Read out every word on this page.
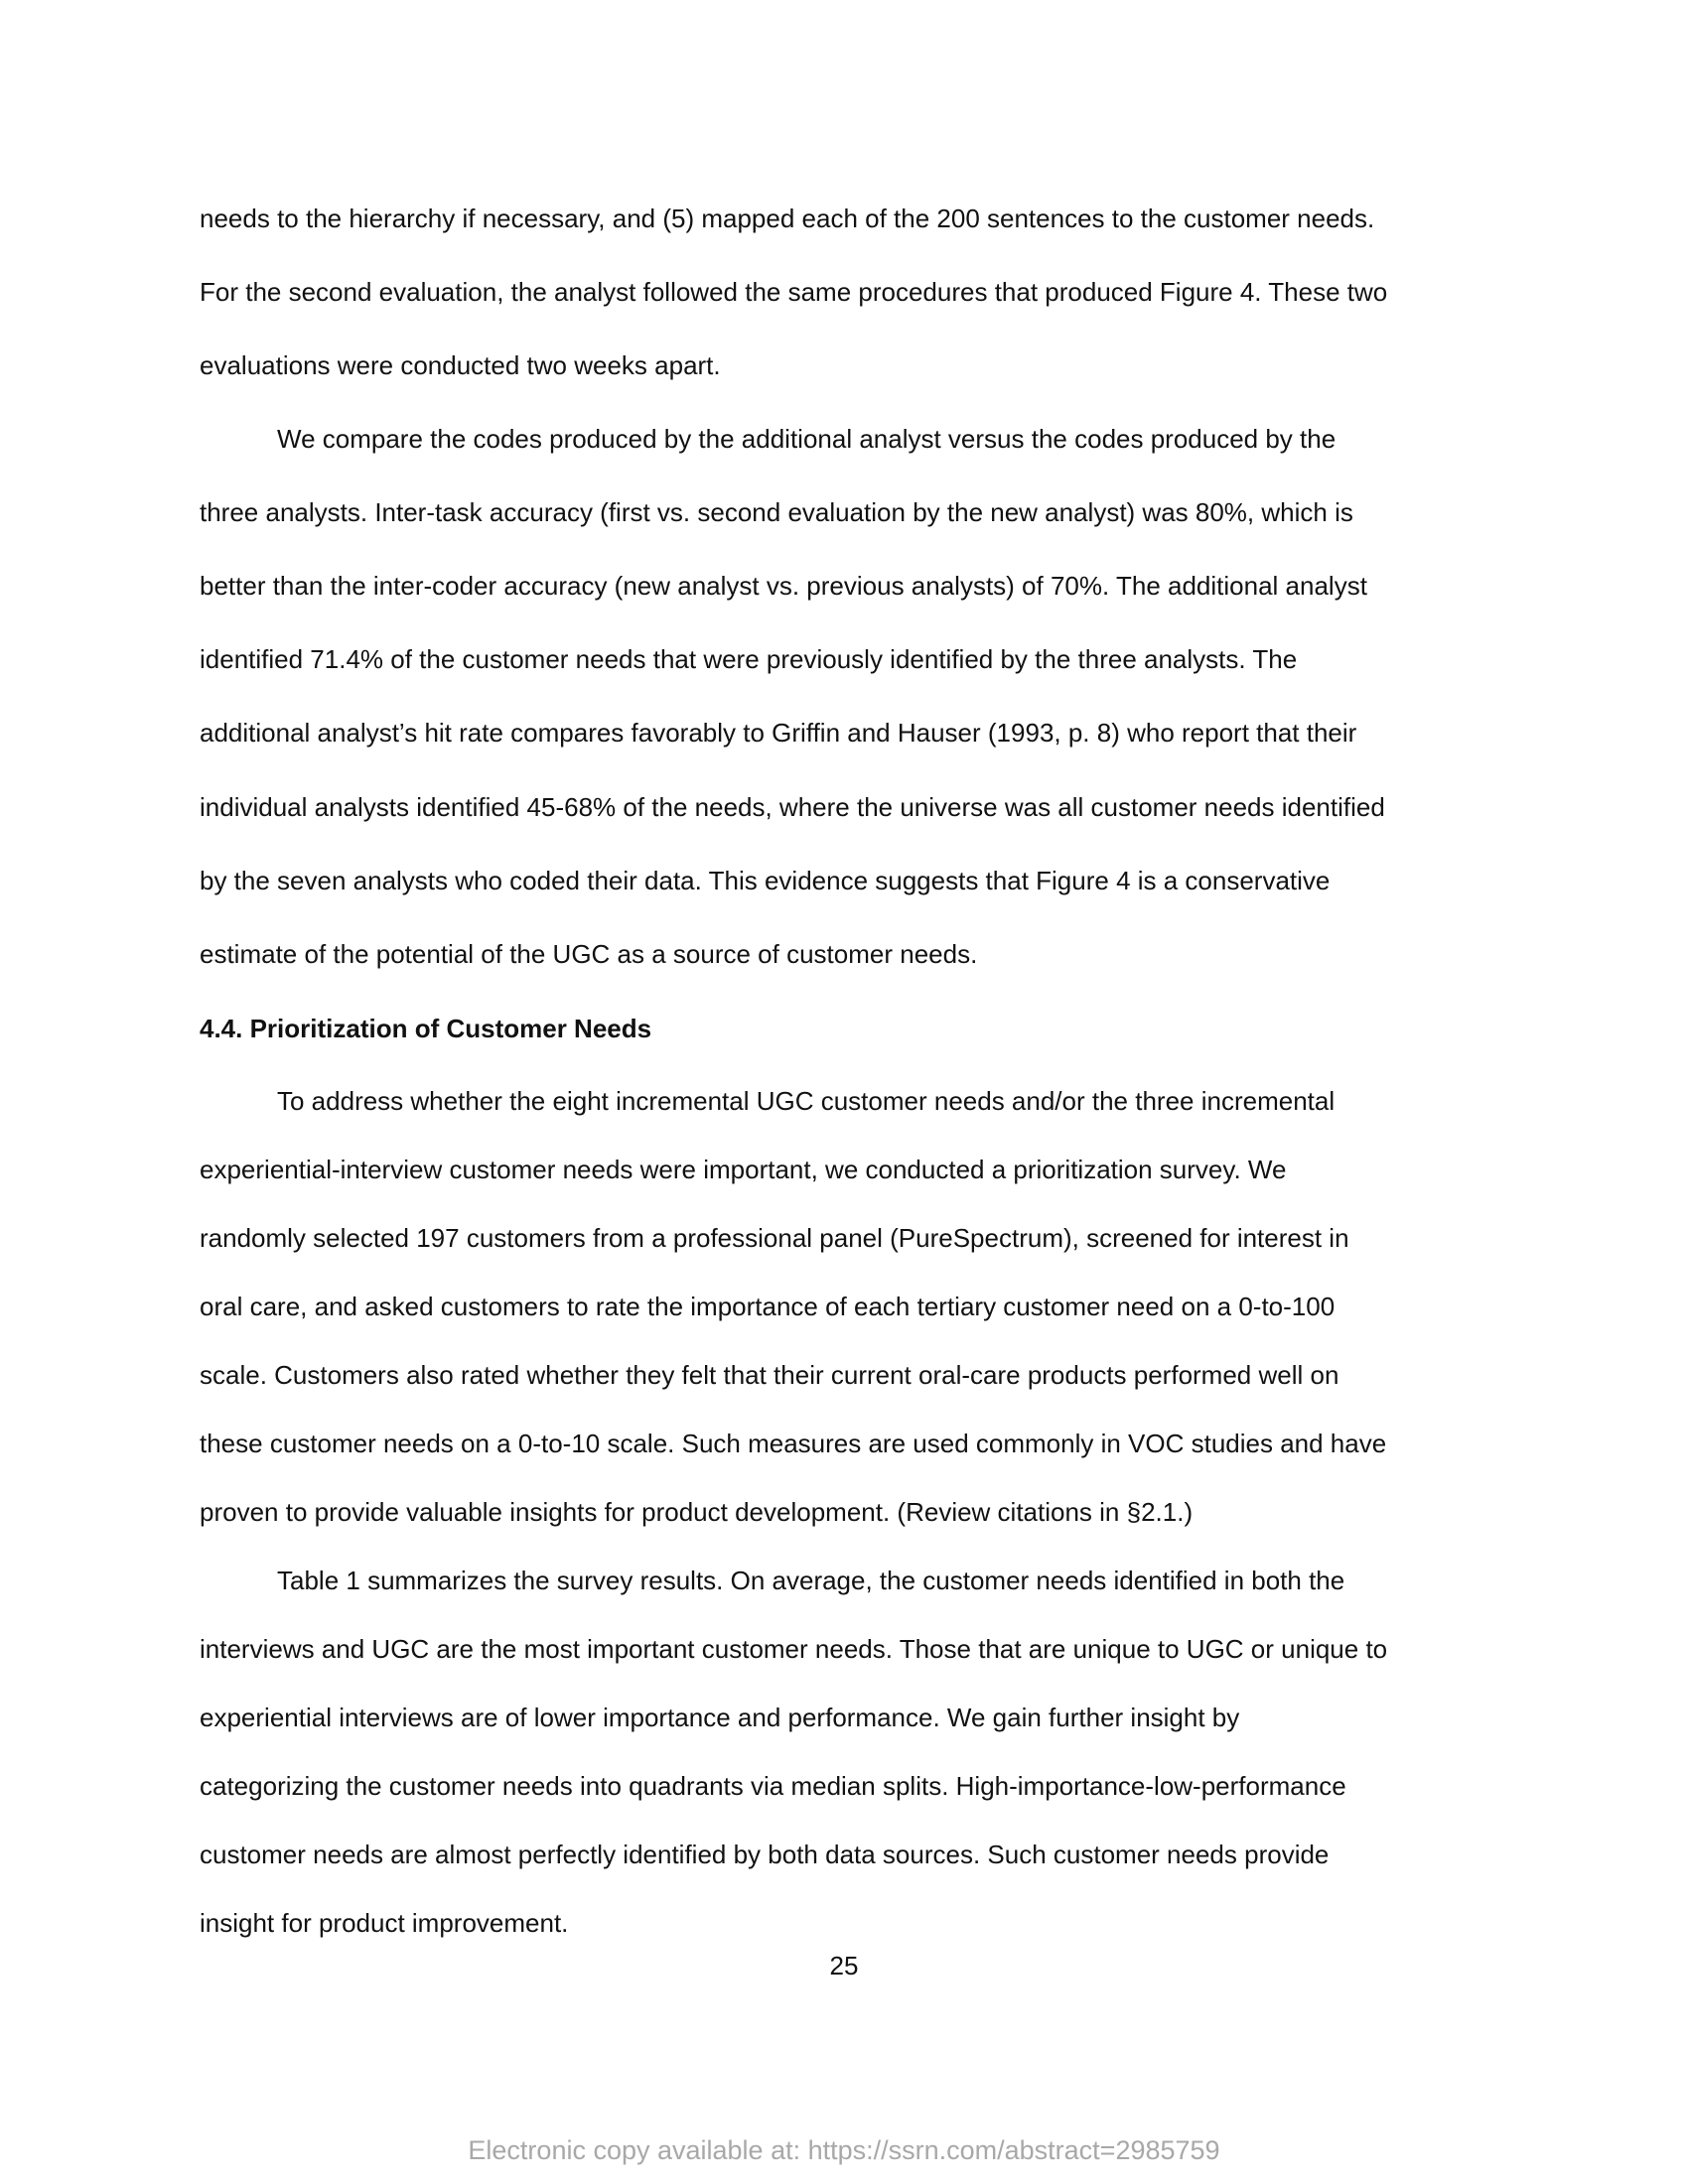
needs to the hierarchy if necessary, and (5) mapped each of the 200 sentences to the customer needs.
For the second evaluation, the analyst followed the same procedures that produced Figure 4. These two
evaluations were conducted two weeks apart.
We compare the codes produced by the additional analyst versus the codes produced by the
three analysts. Inter-task accuracy (first vs. second evaluation by the new analyst) was 80%, which is
better than the inter-coder accuracy (new analyst vs. previous analysts) of 70%. The additional analyst
identified 71.4% of the customer needs that were previously identified by the three analysts. The
additional analyst’s hit rate compares favorably to Griffin and Hauser (1993, p. 8) who report that their
individual analysts identified 45-68% of the needs, where the universe was all customer needs identified
by the seven analysts who coded their data. This evidence suggests that Figure 4 is a conservative
estimate of the potential of the UGC as a source of customer needs.
4.4. Prioritization of Customer Needs
To address whether the eight incremental UGC customer needs and/or the three incremental
experiential-interview customer needs were important, we conducted a prioritization survey. We
randomly selected 197 customers from a professional panel (PureSpectrum), screened for interest in
oral care, and asked customers to rate the importance of each tertiary customer need on a 0-to-100
scale. Customers also rated whether they felt that their current oral-care products performed well on
these customer needs on a 0-to-10 scale. Such measures are used commonly in VOC studies and have
proven to provide valuable insights for product development. (Review citations in §2.1.)
Table 1 summarizes the survey results. On average, the customer needs identified in both the
interviews and UGC are the most important customer needs. Those that are unique to UGC or unique to
experiential interviews are of lower importance and performance. We gain further insight by
categorizing the customer needs into quadrants via median splits. High-importance-low-performance
customer needs are almost perfectly identified by both data sources. Such customer needs provide
insight for product improvement.
25
Electronic copy available at: https://ssrn.com/abstract=2985759
